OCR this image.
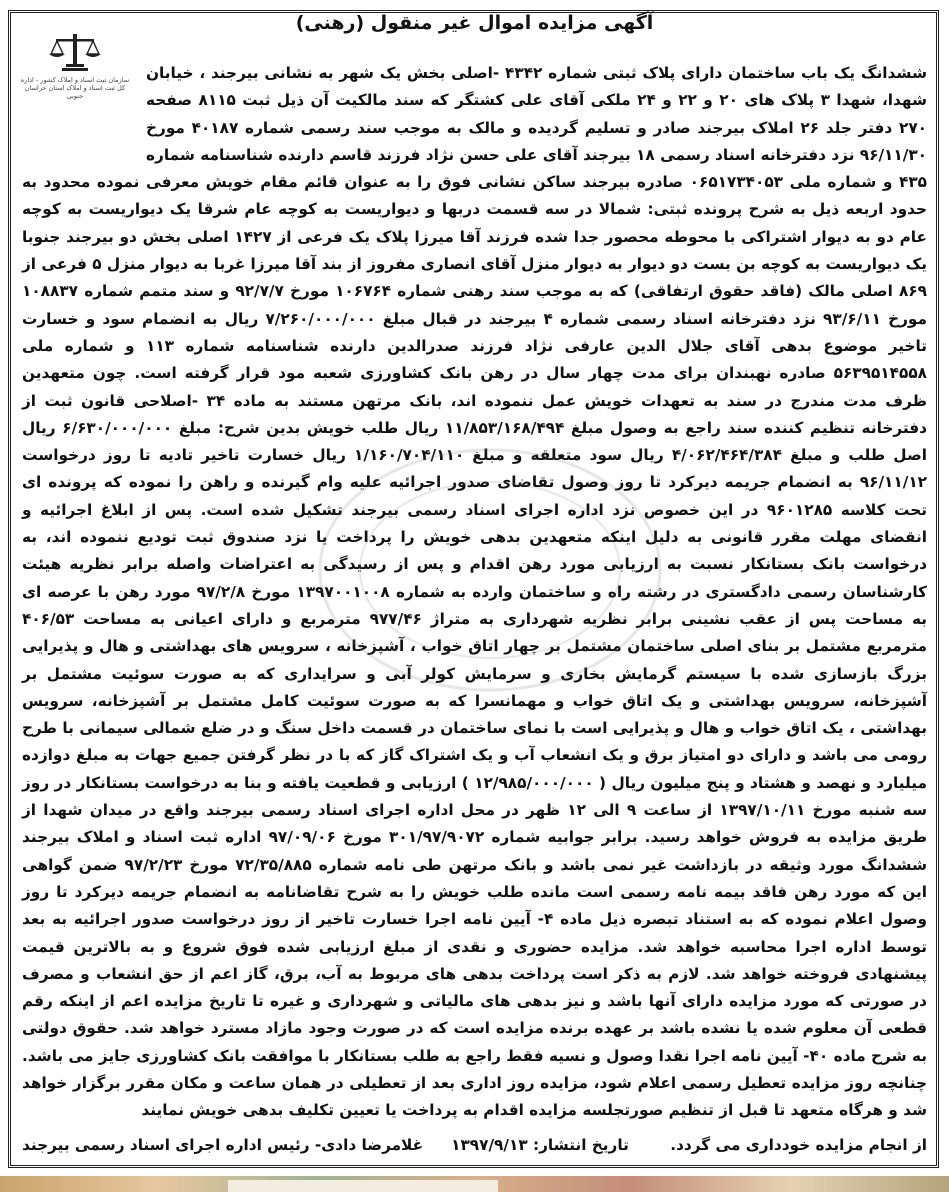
آگهی مزایده اموال غیر منقول (رهنی)
سازمان ثبت اسناد و املاک کشور - اداره کل ثبت اسناد و املاک استان خراسان جنوبی
ششدانگ یک باب ساختمان دارای پلاک ثبتی شماره ۴۳۴۲ -اصلی بخش یک شهر به نشانی بیرجند ، خیابان شهدا، شهدا ۳ پلاک های ۲۰ و ۲۲ و ۲۴ ملکی آقای علی کشتگر که سند مالکیت آن ذیل ثبت ۸۱۱۵ صفحه ۲۷۰ دفتر جلد ۲۶ املاک بیرجند صادر و تسلیم گردیده و مالک به موجب سند رسمی شماره ۴۰۱۸۷ مورخ ۹۶/۱۱/۳۰ نزد دفترخانه اسناد رسمی ۱۸ بیرجند آقای علی حسن نژاد فرزند قاسم دارنده شناسنامه شماره ۴۳۵ و شماره ملی ۰۶۵۱۷۳۴۰۵۳ صادره بیرجند ساکن نشانی فوق را به عنوان قائم مقام خویش معرفی نموده محدود به حدود اربعه ذیل به شرح پرونده ثبتی: شمالا در سه قسمت دربها و دیواریست به کوچه عام شرقا یک دیواریست به کوچه عام دو به دیوار اشتراکی با محوطه محصور جدا شده فرزند آقا میرزا پلاک یک فرعی از ۱۴۲۷ اصلی بخش دو بیرجند جنوبا یک دیواریست به کوچه بن بست دو دیوار به دیوار منزل آقای انصاری مفروز از بند آقا میرزا غربا به دیوار منزل ۵ فرعی از ۸۶۹ اصلی مالک (فاقد حقوق ارتفاقی) که به موجب سند رهنی شماره ۱۰۶۷۶۴ مورخ ۹۲/۷/۷ و سند متمم شماره ۱۰۸۸۳۷ مورخ ۹۳/۶/۱۱ نزد دفترخانه اسناد رسمی شماره ۴ بیرجند در قبال مبلغ ۷/۲۶۰/۰۰۰/۰۰۰ ریال به انضمام سود و خسارت تاخیر موضوع بدهی آقای جلال الدین عارفی نژاد فرزند صدرالدین دارنده شناسنامه شماره ۱۱۳ و شماره ملی ۵۶۳۹۵۱۴۵۵۸ صادره نهبندان برای مدت چهار سال در رهن بانک کشاورزی شعبه مود قرار گرفته است. چون متعهدین ظرف مدت مندرج در سند به تعهدات خویش عمل ننموده اند، بانک مرتهن مستند به ماده ۳۴ -اصلاحی قانون ثبت از دفترخانه تنظیم کننده سند راجع به وصول مبلغ ۱۱/۸۵۳/۱۶۸/۴۹۴ ریال طلب خویش بدین شرح: مبلغ ۶/۶۳۰/۰۰۰/۰۰۰ ریال اصل طلب و مبلغ ۴/۰۶۲/۴۶۴/۳۸۴ ریال سود متعلقه و مبلغ ۱/۱۶۰/۷۰۴/۱۱۰ ریال خسارت تاخیر تادیه تا روز درخواست ۹۶/۱۱/۱۲ به انضمام جریمه دیرکرد تا روز وصول تقاضای صدور اجرائیه علیه وام گیرنده و راهن را نموده که پرونده ای تحت کلاسه ۹۶۰۱۲۸۵ در این خصوص نزد اداره اجرای اسناد رسمی بیرجند تشکیل شده است. پس از ابلاغ اجرائیه و انقضای مهلت مقرر قانونی به دلیل اینکه متعهدین بدهی خویش را پرداخت یا نزد صندوق ثبت تودیع ننموده اند، به درخواست بانک بستانکار نسبت به ارزیابی مورد رهن اقدام و پس از رسیدگی به اعتراضات واصله برابر نظریه هیئت کارشناسان رسمی دادگستری در رشته راه و ساختمان وارده به شماره ۱۳۹۷۰۰۱۰۰۸ مورخ ۹۷/۲/۸ مورد رهن با عرصه ای به مساحت پس از عقب نشینی برابر نظریه شهرداری به متراژ ۹۷۷/۴۶ مترمربع و دارای اعیانی به مساحت ۴۰۶/۵۳ مترمربع مشتمل بر بنای اصلی ساختمان مشتمل بر چهار اتاق خواب ، آشپزخانه ، سرویس های بهداشتی و هال و پذیرایی بزرگ بازسازی شده با سیستم گرمایش بخاری و سرمایش کولر آبی و سرایداری که به صورت سوئیت مشتمل بر آشپزخانه، سرویس بهداشتی و یک اتاق خواب و مهمانسرا که به صورت سوئیت کامل مشتمل بر آشپزخانه، سرویس بهداشتی ، یک اتاق خواب و هال و پذیرایی است با نمای ساختمان در قسمت داخل سنگ و در ضلع شمالی سیمانی با طرح رومی می باشد و دارای دو امتیاز برق و یک انشعاب آب و یک اشتراک گاز که با در نظر گرفتن جمیع جهات به مبلغ دوازده میلیارد و نهصد و هشتاد و پنج میلیون ریال ( ۱۲/۹۸۵/۰۰۰/۰۰۰ ) ارزیابی و قطعیت یافته و بنا به درخواست بستانکار در روز سه شنبه مورخ ۱۳۹۷/۱۰/۱۱ از ساعت ۹ الی ۱۲ ظهر در محل اداره اجرای اسناد رسمی بیرجند واقع در میدان شهدا از طریق مزایده به فروش خواهد رسید. برابر جوابیه شماره ۳۰۱/۹۷/۹۰۷۲ مورخ ۹۷/۰۹/۰۶ اداره ثبت اسناد و املاک بیرجند ششدانگ مورد وثیقه در بازداشت غیر نمی باشد و بانک مرتهن طی نامه شماره ۷۲/۳۵/۸۸۵ مورخ ۹۷/۲/۲۳ ضمن گواهی این که مورد رهن فاقد بیمه نامه رسمی است مانده طلب خویش را به شرح تقاضانامه به انضمام جریمه دیرکرد تا روز وصول اعلام نموده که به استناد تبصره ذیل ماده ۴- آیین نامه اجرا خسارت تاخیر از روز درخواست صدور اجرائیه به بعد توسط اداره اجرا محاسبه خواهد شد. مزایده حضوری و نقدی از مبلغ ارزیابی شده فوق شروع و به بالاترین قیمت پیشنهادی فروخته خواهد شد. لازم به ذکر است پرداخت بدهی های مربوط به آب، برق، گاز اعم از حق انشعاب و مصرف در صورتی که مورد مزایده دارای آنها باشد و نیز بدهی های مالیاتی و شهرداری و غیره تا تاریخ مزایده اعم از اینکه رقم قطعی آن معلوم شده یا نشده باشد بر عهده برنده مزایده است که در صورت وجود مازاد مسترد خواهد شد. حقوق دولتی به شرح ماده ۴۰- آیین نامه اجرا نقدا وصول و نسیه فقط راجع به طلب بستانکار با موافقت بانک کشاورزی جایز می باشد. چنانچه روز مزایده تعطیل رسمی اعلام شود، مزایده روز اداری بعد از تعطیلی در همان ساعت و مکان مقرر برگزار خواهد شد و هرگاه متعهد تا قبل از تنظیم صورتجلسه مزایده اقدام به پرداخت یا تعیین تکلیف بدهی خویش نمایند
از انجام مزایده خودداری می گردد.
تاریخ انتشار: ۱۳۹۷/۹/۱۳
غلامرضا دادی- رئیس اداره اجرای اسناد رسمی بیرجند
